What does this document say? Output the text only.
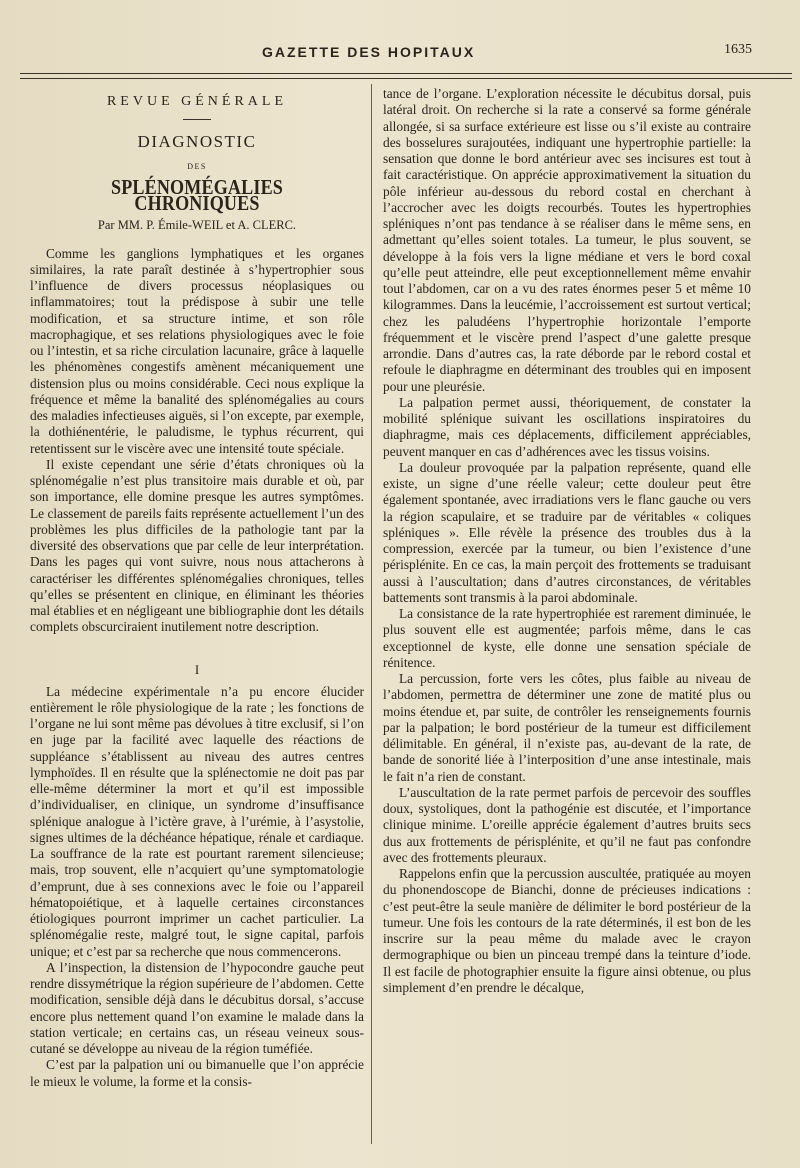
GAZETTE DES HOPITAUX	1635
REVUE GÉNÉRALE
DIAGNOSTIC
DES
SPLÉNOMÉGALIES CHRONIQUES
Par MM. P. Émile-WEIL et A. CLERC.

Comme les ganglions lymphatiques et les organes similaires, la rate paraît destinée à s’hypertrophier sous l’influence de divers processus néoplasiques ou inflammatoires; tout la prédispose à subir une telle modification, et sa structure intime, et son rôle macrophagique, et ses relations physiologiques avec le foie ou l’intestin, et sa riche circulation lacunaire, grâce à laquelle les phénomènes congestifs amènent mécaniquement une distension plus ou moins considérable. Ceci nous explique la fréquence et même la banalité des splénomégalies au cours des maladies infectieuses aiguës, si l’on excepte, par exemple, la dothiénentérie, le paludisme, le typhus récurrent, qui retentissent sur le viscère avec une intensité toute spéciale.

Il existe cependant une série d’états chroniques où la splénomégalie n’est plus transitoire mais durable et où, par son importance, elle domine presque les autres symptômes. Le classement de pareils faits représente actuellement l’un des problèmes les plus difficiles de la pathologie tant par la diversité des observations que par celle de leur interprétation. Dans les pages qui vont suivre, nous nous attacherons à caractériser les différentes splénomégalies chroniques, telles qu’elles se présentent en clinique, en éliminant les théories mal établies et en négligeant une bibliographie dont les détails complets obscurciraient inutilement notre description.

I

La médecine expérimentale n’a pu encore élucider entièrement le rôle physiologique de la rate ; les fonctions de l’organe ne lui sont même pas dévolues à titre exclusif, si l’on en juge par la facilité avec laquelle des réactions de suppléance s’établissent au niveau des autres centres lymphoïdes. Il en résulte que la splénectomie ne doit pas par elle-même déterminer la mort et qu’il est impossible d’individualiser, en clinique, un syndrome d’insuffisance splénique analogue à l’ictère grave, à l’urémie, à l’asystolie, signes ultimes de la déchéance hépatique, rénale et cardiaque. La souffrance de la rate est pourtant rarement silencieuse; mais, trop souvent, elle n’acquiert qu’une symptomatologie d’emprunt, due à ses connexions avec le foie ou l’appareil hématopoiétique, et à laquelle certaines circonstances étiologiques pourront imprimer un cachet particulier. La splénomégalie reste, malgré tout, le signe capital, parfois unique; et c’est par sa recherche que nous commencerons.

A l’inspection, la distension de l’hypocondre gauche peut rendre dissymétrique la région supérieure de l’abdomen. Cette modification, sensible déjà dans le décubitus dorsal, s’accuse encore plus nettement quand l’on examine le malade dans la station verticale; en certains cas, un réseau veineux sous-cutané se développe au niveau de la région tuméfiée.

C’est par la palpation uni ou bimanuelle que l’on apprécie le mieux le volume, la forme et la consis-

tance de l’organe. L’exploration nécessite le décubitus dorsal, puis latéral droit. On recherche si la rate a conservé sa forme générale allongée, si sa surface extérieure est lisse ou s’il existe au contraire des bosselures surajoutées, indiquant une hypertrophie partielle: la sensation que donne le bord antérieur avec ses incisures est tout à fait caractéristique. On apprécie approximativement la situation du pôle inférieur au-dessous du rebord costal en cherchant à l’accrocher avec les doigts recourbés. Toutes les hypertrophies spléniques n’ont pas tendance à se réaliser dans le même sens, en admettant qu’elles soient totales. La tumeur, le plus souvent, se développe à la fois vers la ligne médiane et vers le bord coxal qu’elle peut atteindre, elle peut exceptionnellement même envahir tout l’abdomen, car on a vu des rates énormes peser 5 et même 10 kilogrammes. Dans la leucémie, l’accroissement est surtout vertical; chez les paludéens l’hypertrophie horizontale l’emporte fréquemment et le viscère prend l’aspect d’une galette presque arrondie. Dans d’autres cas, la rate déborde par le rebord costal et refoule le diaphragme en déterminant des troubles qui en imposent pour une pleurésie.

La palpation permet aussi, théoriquement, de constater la mobilité splénique suivant les oscillations inspiratoires du diaphragme, mais ces déplacements, difficilement appréciables, peuvent manquer en cas d’adhérences avec les tissus voisins.

La douleur provoquée par la palpation représente, quand elle existe, un signe d’une réelle valeur; cette douleur peut être également spontanée, avec irradiations vers le flanc gauche ou vers la région scapulaire, et se traduire par de véritables « coliques spléniques ». Elle révèle la présence des troubles dus à la compression, exercée par la tumeur, ou bien l’existence d’une périsplénite. En ce cas, la main perçoit des frottements se traduisant aussi à l’auscultation; dans d’autres circonstances, de véritables battements sont transmis à la paroi abdominale.

La consistance de la rate hypertrophiée est rarement diminuée, le plus souvent elle est augmentée; parfois même, dans le cas exceptionnel de kyste, elle donne une sensation spéciale de rénitence.

La percussion, forte vers les côtes, plus faible au niveau de l’abdomen, permettra de déterminer une zone de matité plus ou moins étendue et, par suite, de contrôler les renseignements fournis par la palpation; le bord postérieur de la tumeur est difficilement délimitable. En général, il n’existe pas, au-devant de la rate, de bande de sonorité liée à l’interposition d’une anse intestinale, mais le fait n’a rien de constant.

L’auscultation de la rate permet parfois de percevoir des souffles doux, systoliques, dont la pathogénie est discutée, et l’importance clinique minime. L’oreille apprécie également d’autres bruits secs dus aux frottements de périsplénite, et qu’il ne faut pas confondre avec des frottements pleuraux.

Rappelons enfin que la percussion auscultée, pratiquée au moyen du phonendoscope de Bianchi, donne de précieuses indications : c’est peut-être la seule manière de délimiter le bord postérieur de la tumeur. Une fois les contours de la rate déterminés, il est bon de les inscrire sur la peau même du malade avec le crayon dermographique ou bien un pinceau trempé dans la teinture d’iode. Il est facile de photographier ensuite la figure ainsi obtenue, ou plus simplement d’en prendre le décalque,
